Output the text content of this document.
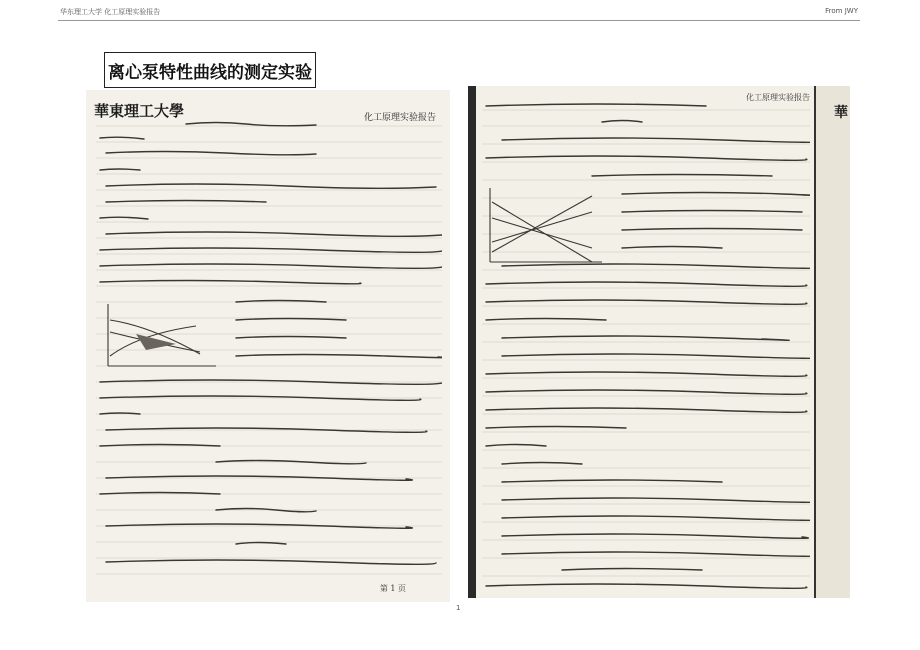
华东理工大学 化工原理实验报告	From JWY
离心泵特性曲线的测定实验
華東理工大學	化工原理实验报告
第 1 页
化工原理实验报告
華
1
